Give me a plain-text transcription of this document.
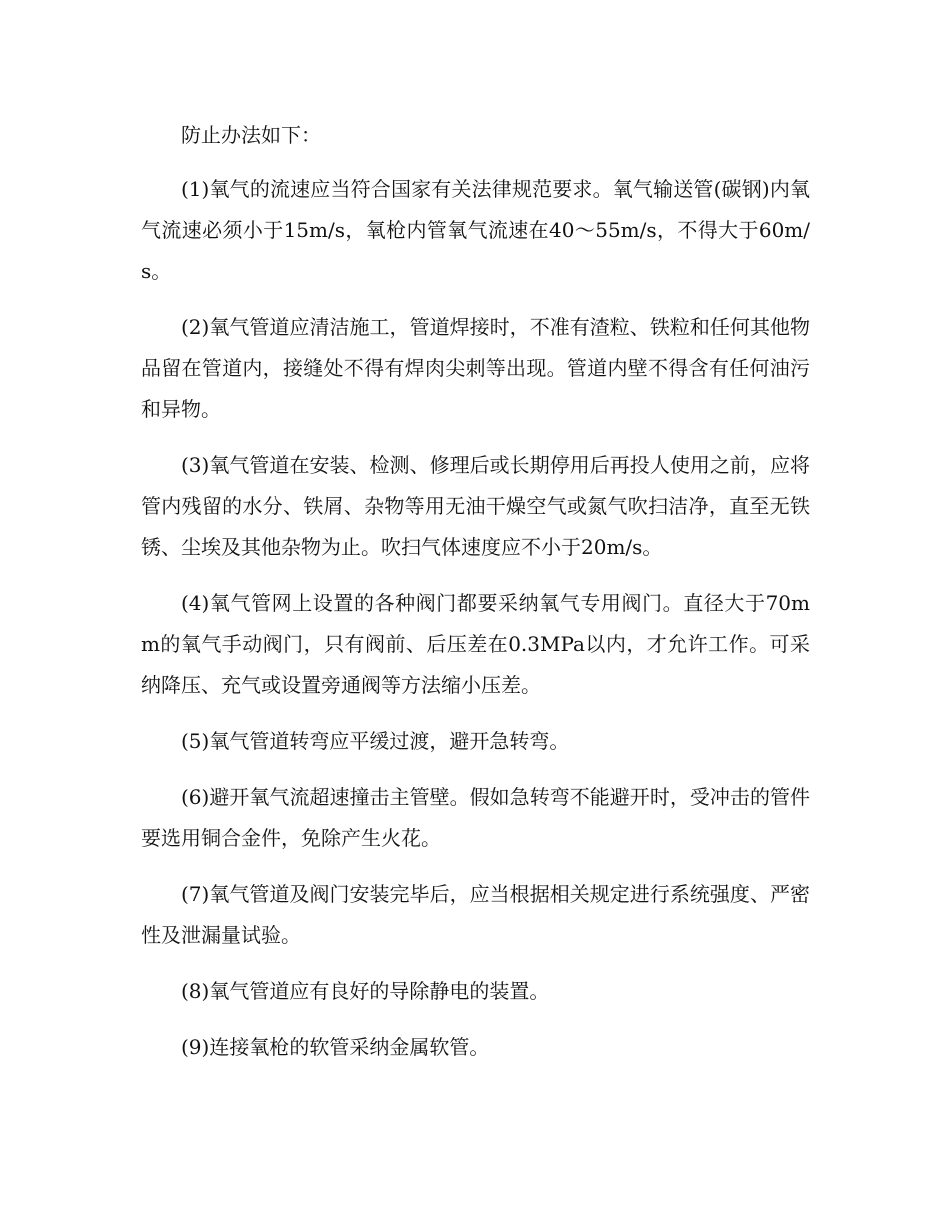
防止办法如下：

(1)氧气的流速应当符合国家有关法律规范要求。氧气输送管(碳钢)内氧气流速必须小于15m/s，氧枪内管氧气流速在40～55m/s，不得大于60m/s。

(2)氧气管道应清洁施工，管道焊接时，不准有渣粒、铁粒和任何其他物品留在管道内，接缝处不得有焊肉尖刺等出现。管道内壁不得含有任何油污和异物。

(3)氧气管道在安装、检测、修理后或长期停用后再投人使用之前，应将管内残留的水分、铁屑、杂物等用无油干燥空气或氮气吹扫洁净，直至无铁锈、尘埃及其他杂物为止。吹扫气体速度应不小于20m/s。

(4)氧气管网上设置的各种阀门都要采纳氧气专用阀门。直径大于70mm的氧气手动阀门，只有阀前、后压差在0.3MPa以内，才允许工作。可采纳降压、充气或设置旁通阀等方法缩小压差。

(5)氧气管道转弯应平缓过渡，避开急转弯。

(6)避开氧气流超速撞击主管壁。假如急转弯不能避开时，受冲击的管件要选用铜合金件，免除产生火花。

(7)氧气管道及阀门安装完毕后，应当根据相关规定进行系统强度、严密性及泄漏量试验。

(8)氧气管道应有良好的导除静电的装置。

(9)连接氧枪的软管采纳金属软管。
